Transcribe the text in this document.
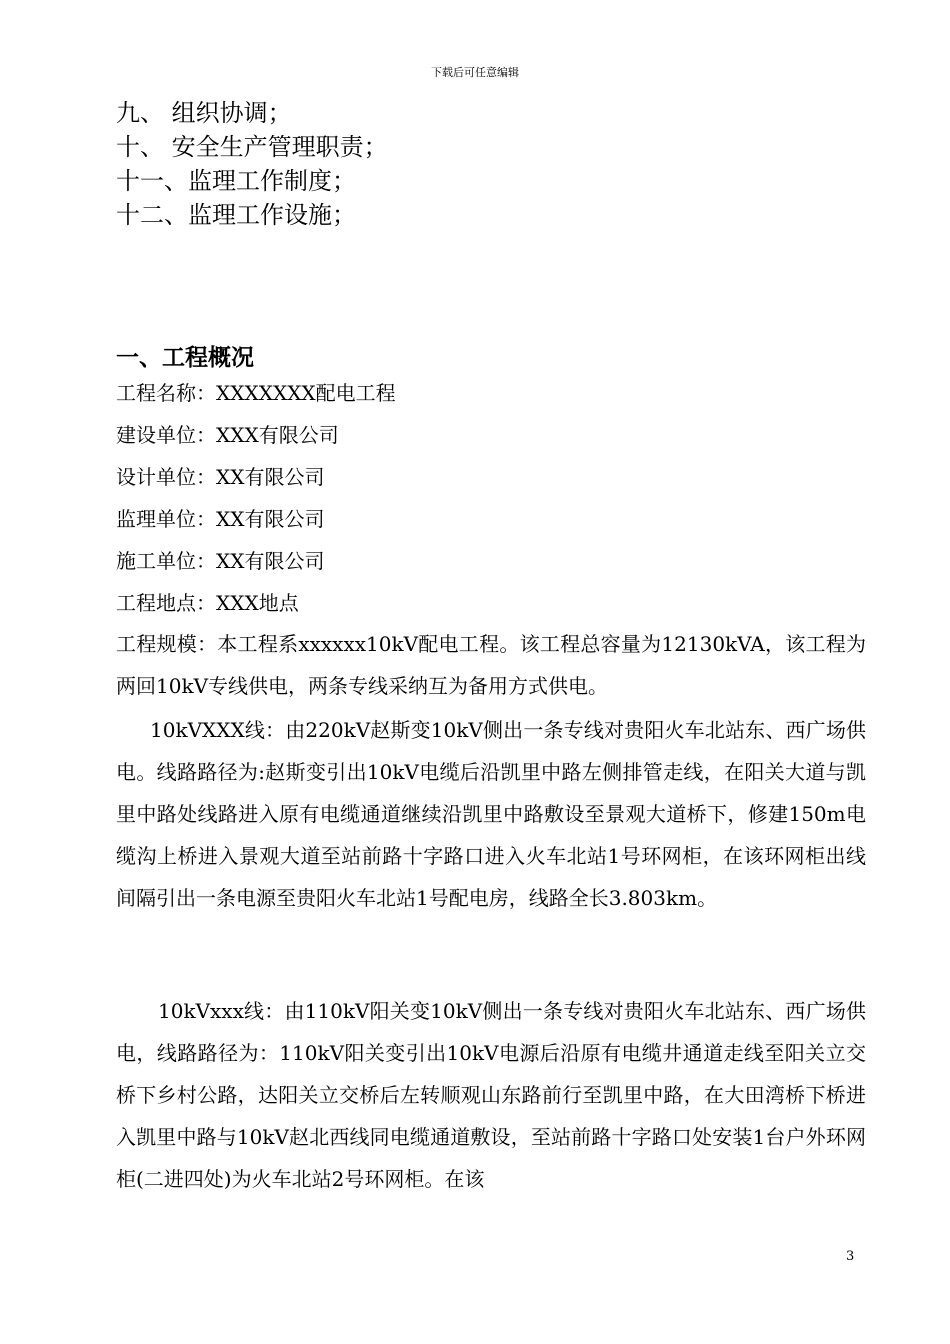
下载后可任意编辑
九、 组织协调；
十、 安全生产管理职责；
十一、监理工作制度；
十二、监理工作设施；
一、工程概况
工程名称：XXXXXXX配电工程
建设单位：XXX有限公司
设计单位：XX有限公司
监理单位：XX有限公司
施工单位：XX有限公司
工程地点：XXX地点

工程规模：本工程系xxxxxx10kV配电工程。该工程总容量为12130kVA，该工程为两回10kV专线供电，两条专线采纳互为备用方式供电。

10kVXXX线：由220kV赵斯变10kV侧出一条专线对贵阳火车北站东、西广场供电。线路路径为:赵斯变引出10kV电缆后沿凯里中路左侧排管走线，在阳关大道与凯里中路处线路进入原有电缆通道继续沿凯里中路敷设至景观大道桥下，修建150m电缆沟上桥进入景观大道至站前路十字路口进入火车北站1号环网柜，在该环网柜出线间隔引出一条电源至贵阳火车北站1号配电房，线路全长3.803km。

10kVxxx线：由110kV阳关变10kV侧出一条专线对贵阳火车北站东、西广场供电，线路路径为：110kV阳关变引出10kV电源后沿原有电缆井通道走线至阳关立交桥下乡村公路，达阳关立交桥后左转顺观山东路前行至凯里中路，在大田湾桥下桥进入凯里中路与10kV赵北西线同电缆通道敷设，至站前路十字路口处安装1台户外环网柜(二进四处)为火车北站2号环网柜。在该

3
